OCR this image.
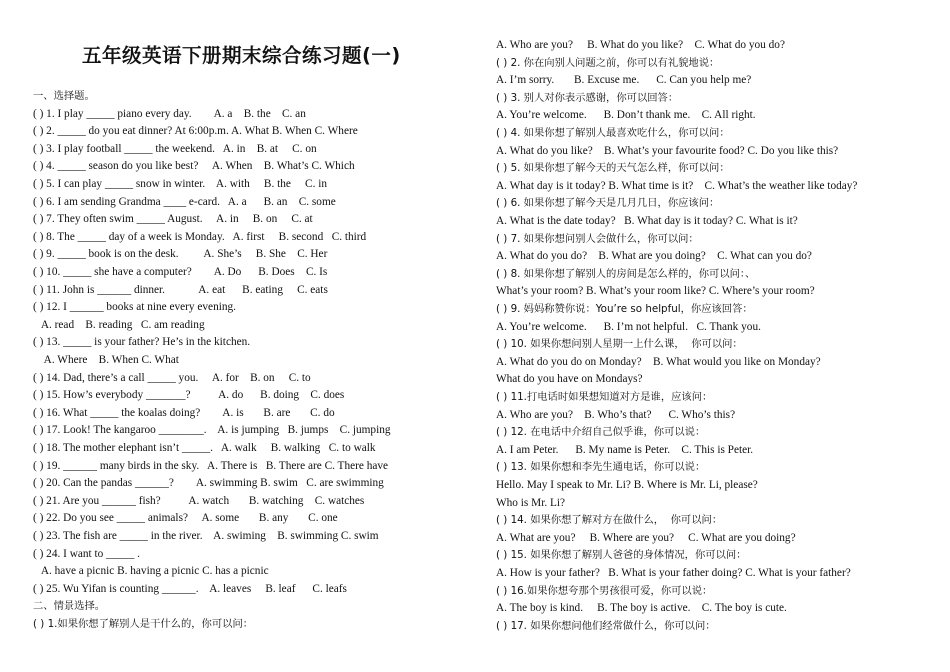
五年级英语下册期末综合练习题(一)
一、选择题。
( ) 1. I play _____ piano every day.        A. a    B. the    C. an
( ) 2. _____ do you eat dinner? At 6:00p.m. A. What B. When C. Where
( ) 3. I play football _____ the weekend.   A. in    B. at     C. on
( ) 4. _____ season do you like best?     A. When    B. What’s C. Which
( ) 5. I can play _____ snow in winter.    A. with     B. the     C. in
( ) 6. I am sending Grandma ____ e-card.   A. a      B. an    C. some
( ) 7. They often swim _____ August.     A. in     B. on     C. at
( ) 8. The _____ day of a week is Monday.   A. first     B. second   C. third
( ) 9. _____ book is on the desk.         A. She’s     B. She    C. Her
( ) 10. _____ she have a computer?        A. Do      B. Does    C. Is
( ) 11. John is ______ dinner.            A. eat      B. eating     C. eats
( ) 12. I ______ books at nine every evening.
A. read    B. reading   C. am reading
( ) 13. _____ is your father? He’s in the kitchen.
A. Where    B. When C. What
( ) 14. Dad, there’s a call _____ you.     A. for    B. on     C. to
( ) 15. How’s everybody _______?          A. do      B. doing    C. does
( ) 16. What _____ the koalas doing?        A. is       B. are       C. do
( ) 17. Look! The kangaroo ________.    A. is jumping   B. jumps    C. jumping
( ) 18. The mother elephant isn’t _____.   A. walk     B. walking   C. to walk
( ) 19. ______ many birds in the sky.   A. There is   B. There are C. There have
( ) 20. Can the pandas ______?        A. swimming B. swim   C. are swimming
( ) 21. Are you ______ fish?          A. watch       B. watching    C. watches
( ) 22. Do you see _____ animals?     A. some       B. any       C. one
( ) 23. The fish are _____ in the river.    A. swiming    B. swimming C. swim
( ) 24. I want to _____ .
A. have a picnic B. having a picnic C. has a picnic
( ) 25. Wu Yifan is counting ______.    A. leaves     B. leaf      C. leafs
二、情景选择。
( ) 1.如果你想了解别人是干什么的，你可以问：
A. Who are you?     B. What do you like?    C. What do you do?
( ) 2. 你在向别人问题之前，你可以有礼貌地说：
A. I’m sorry.       B. Excuse me.      C. Can you help me?
( ) 3. 别人对你表示感谢，你可以回答：
A. You’re welcome.      B. Don’t thank me.    C. All right.
( ) 4. 如果你想了解别人最喜欢吃什么，你可以问：
A. What do you like?    B. What’s your favourite food? C. Do you like this?
( ) 5. 如果你想了解今天的天气怎么样，你可以问：
A. What day is it today? B. What time is it?    C. What’s the weather like today?
( ) 6. 如果你想了解今天是几月几日，你应该问：
A. What is the date today?   B. What day is it today? C. What is it?
( ) 7. 如果你想问别人会做什么，你可以问：
A. What do you do?    B. What are you doing?    C. What can you do?
( ) 8. 如果你想了解别人的房间是怎么样的，你可以问：、
What’s your room? B. What’s your room like? C. Where’s your room?
( ) 9. 妈妈称赞你说：You’re so helpful，你应该回答：
A. You’re welcome.      B. I’m not helpful.   C. Thank you.
( ) 10. 如果你想问别人星期一上什么课，  你可以问：
A. What do you do on Monday?    B. What would you like on Monday?
What do you have on Mondays?
( ) 11.打电话时如果想知道对方是谁，应该问：
A. Who are you?    B. Who’s that?      C. Who’s this?
( ) 12. 在电话中介绍自己似乎谁，你可以说：
A. I am Peter.      B. My name is Peter.    C. This is Peter.
( ) 13. 如果你想和李先生通电话，你可以说：
Hello. May I speak to Mr. Li? B. Where is Mr. Li, please?
Who is Mr. Li?
( ) 14. 如果你想了解对方在做什么，  你可以问：
A. What are you?     B. Where are you?     C. What are you doing?
( ) 15. 如果你想了解别人爸爸的身体情况，你可以问：
A. How is your father?   B. What is your father doing? C. What is your father?
( ) 16.如果你想夸那个男孩很可爱，你可以说：
A. The boy is kind.     B. The boy is active.    C. The boy is cute.
( ) 17. 如果你想问他们经常做什么，你可以问：
